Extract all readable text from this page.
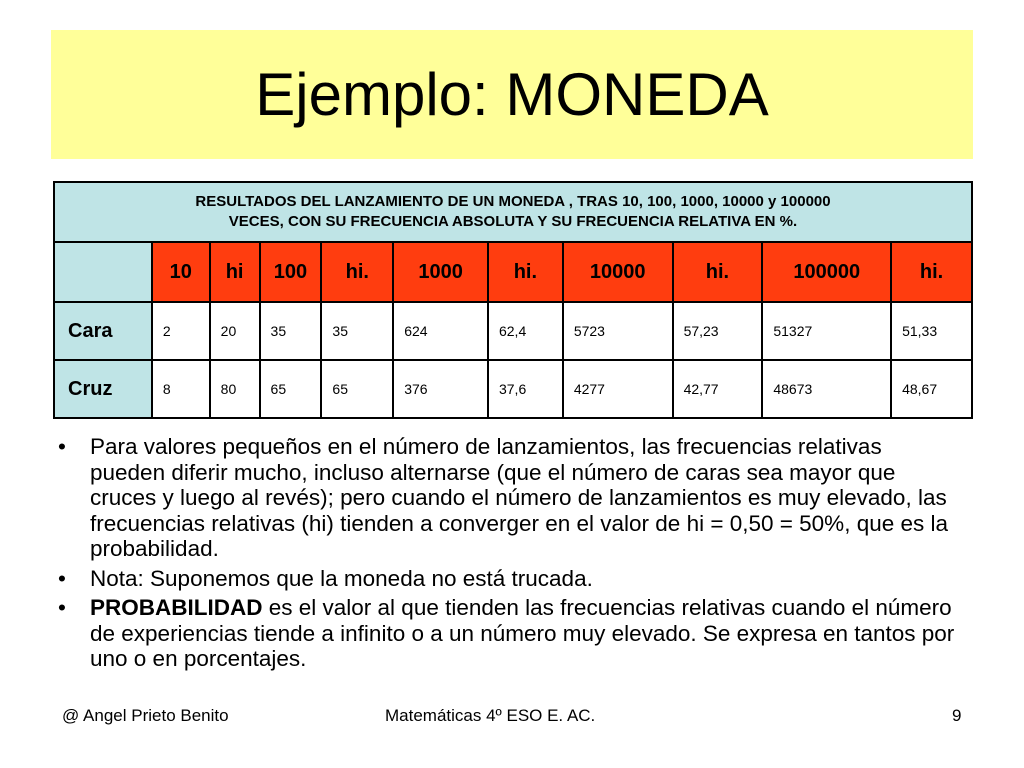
Ejemplo: MONEDA
RESULTADOS DEL LANZAMIENTO DE UN MONEDA , TRAS 10, 100, 1000, 10000 y 100000
VECES, CON SU FRECUENCIA ABSOLUTA Y SU FRECUENCIA RELATIVA EN %.										

	10	hi	100	hi.	1000	hi.	10000	hi.	100000	hi.
Cara	2	20	35	35	624	62,4	5723	57,23	51327	51,33
Cruz	8	80	65	65	376	37,6	4277	42,77	48673	48,67
• Para valores pequeños en el número de lanzamientos, las frecuencias relativas pueden diferir mucho, incluso alternarse (que el número de caras sea mayor que cruces y luego al revés); pero cuando el número de lanzamientos es muy elevado, las frecuencias relativas (hi) tienden a converger en el valor de hi = 0,50 = 50%, que es la probabilidad.
• Nota: Suponemos que la moneda no está trucada.
• PROBABILIDAD es el valor al que tienden las frecuencias relativas cuando el número de experiencias tiende a infinito o a un número muy elevado. Se expresa en tantos por uno o en porcentajes.
@ Angel Prieto Benito	Matemáticas 4º ESO E. AC.	9
